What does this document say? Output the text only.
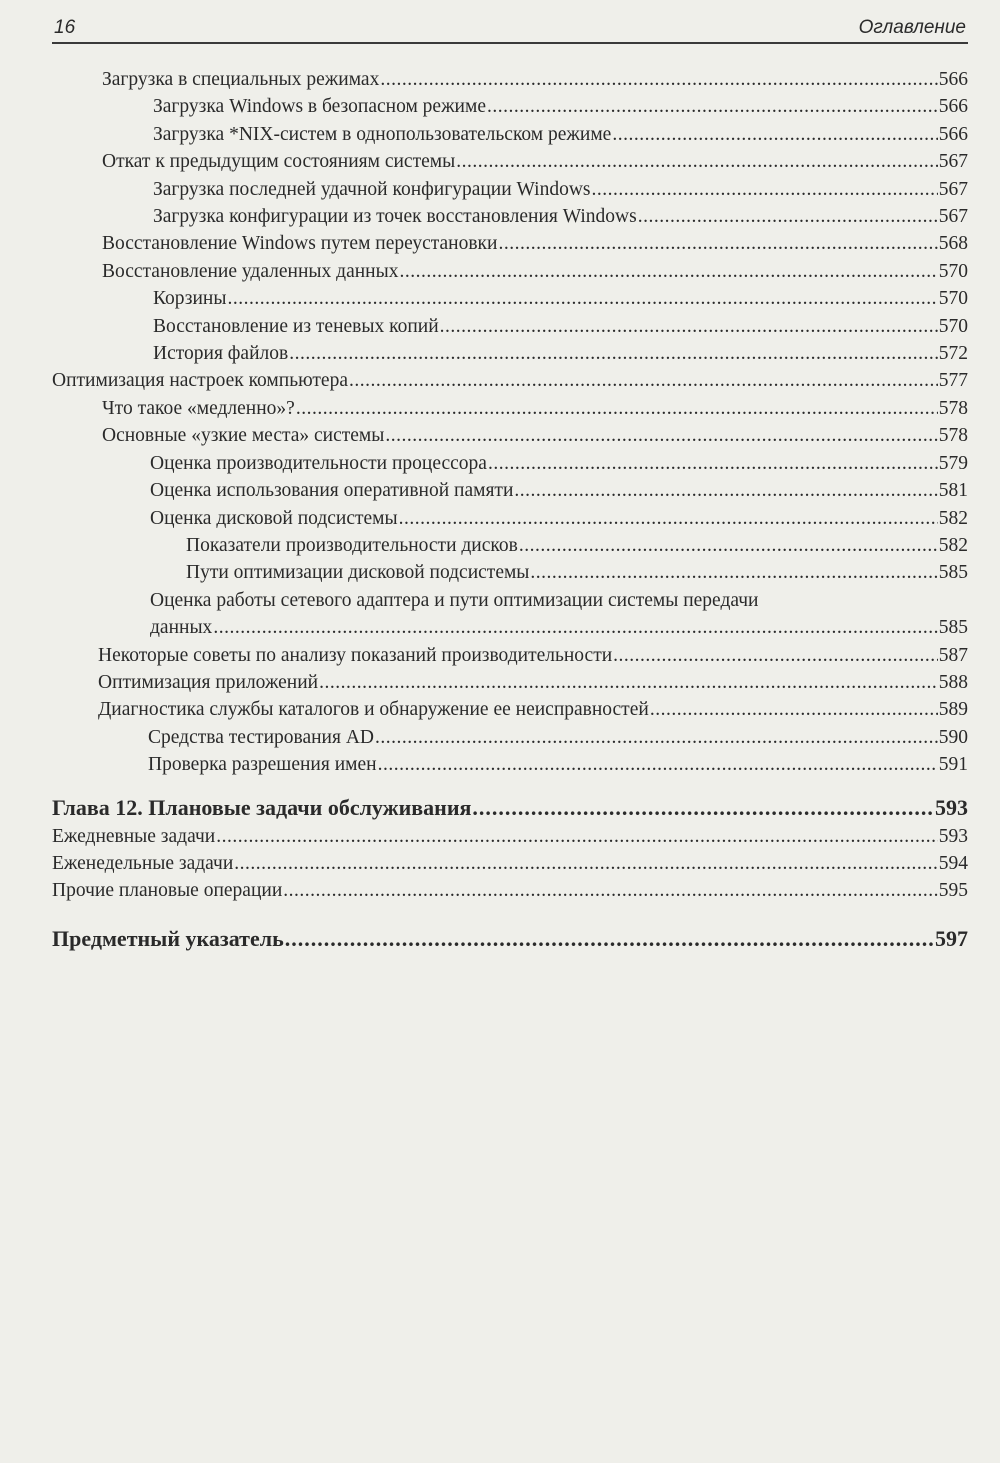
16	Оглавление
Загрузка в специальных режимах .....	566
Загрузка Windows в безопасном режиме .....	566
Загрузка *NIX-систем в однопользовательском режиме .....	566
Откат к предыдущим состояниям системы .....	567
Загрузка последней удачной конфигурации Windows .....	567
Загрузка конфигурации из точек восстановления Windows .....	567
Восстановление Windows путем переустановки .....	568
Восстановление удаленных данных .....	570
Корзины .....	570
Восстановление из теневых копий .....	570
История файлов .....	572
Оптимизация настроек компьютера .....	577
Что такое «медленно»? .....	578
Основные «узкие места» системы .....	578
Оценка производительности процессора .....	579
Оценка использования оперативной памяти .....	581
Оценка дисковой подсистемы .....	582
Показатели производительности дисков .....	582
Пути оптимизации дисковой подсистемы .....	585
Оценка работы сетевого адаптера и пути оптимизации системы передачи
данных .....	585
Некоторые советы по анализу показаний производительности .....	587
Оптимизация приложений .....	588
Диагностика службы каталогов и обнаружение ее неисправностей .....	589
Средства тестирования AD .....	590
Проверка разрешения имен .....	591
Глава 12. Плановые задачи обслуживания .....	593
Ежедневные задачи .....	593
Еженедельные задачи .....	594
Прочие плановые операции .....	595
Предметный указатель .....	597
